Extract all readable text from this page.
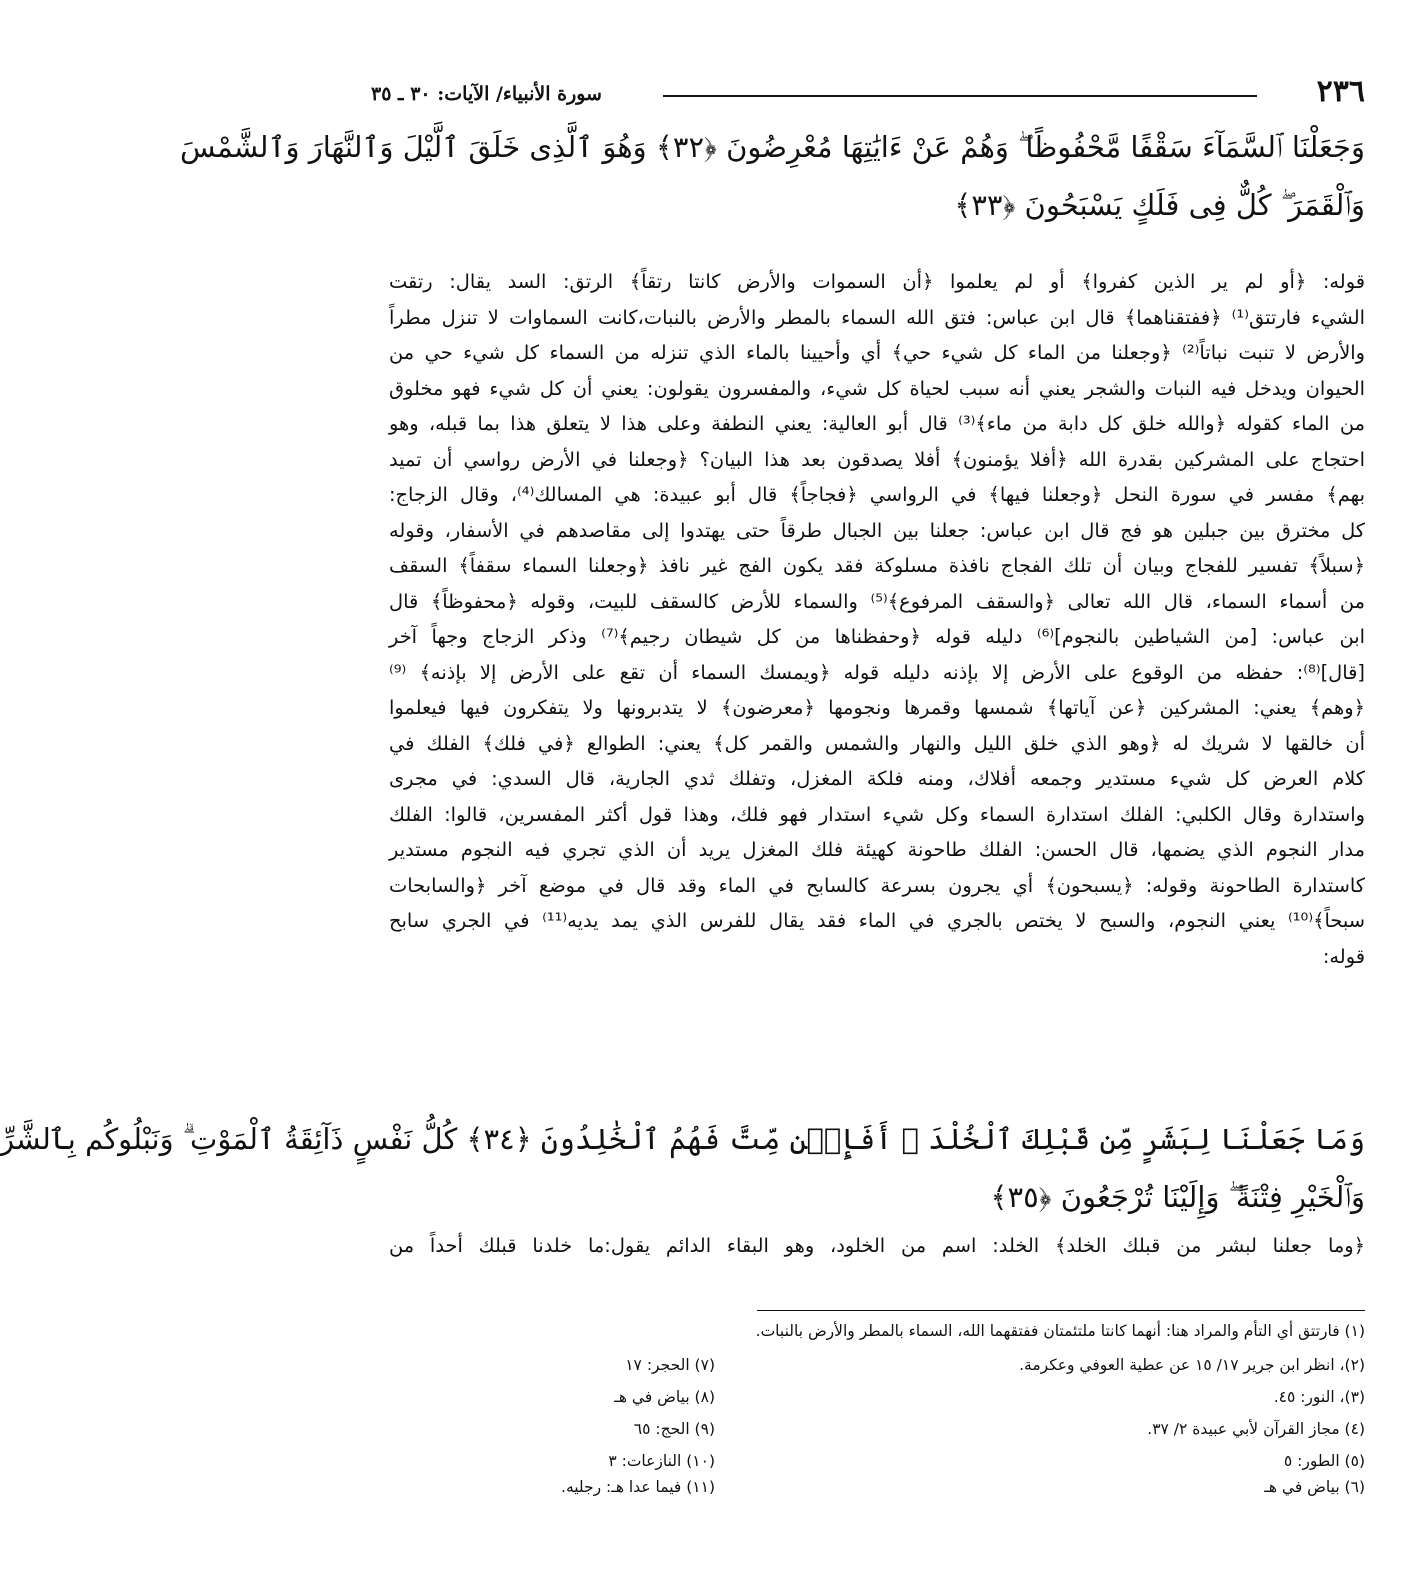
٢٣٦
سورة الأنبياء/ الآيات: ٣٠ ـ ٣٥
وَجَعَلْنَا ٱلسَّمَآءَ سَقْفًا مَّحْفُوظًا ۖ وَهُمْ عَنْ ءَايَٰتِهَا مُعْرِضُونَ ﴿٣٢﴾ وَهُوَ ٱلَّذِى خَلَقَ ٱلَّيْلَ وَٱلنَّهَارَ وَٱلشَّمْسَ
وَٱلْقَمَرَ ۖ كُلٌّ فِى فَلَكٍ يَسْبَحُونَ ﴿٣٣﴾
قوله: ﴿أو لم ير الذين كفروا﴾ أو لم يعلموا ﴿أن السموات والأرض كانتا رتقاً﴾ الرتق: السد يقال: رتقت
الشيء فارتتق⁽¹⁾ ﴿ففتقناهما﴾ قال ابن عباس: فتق الله السماء بالمطر والأرض بالنبات،كانت السماوات لا تنزل مطراً
والأرض لا تنبت نباتاً⁽²⁾ ﴿وجعلنا من الماء كل شيء حي﴾ أي وأحيينا بالماء الذي تنزله من السماء كل شيء حي من
الحيوان ويدخل فيه النبات والشجر يعني أنه سبب لحياة كل شيء، والمفسرون يقولون: يعني أن كل شيء فهو مخلوق
من الماء كقوله ﴿والله خلق كل دابة من ماء﴾⁽³⁾ قال أبو العالية: يعني النطفة وعلى هذا لا يتعلق هذا بما قبله، وهو
احتجاج على المشركين بقدرة الله ﴿أفلا يؤمنون﴾ أفلا يصدقون بعد هذا البيان؟ ﴿وجعلنا في الأرض رواسي أن تميد
بهم﴾ مفسر في سورة النحل ﴿وجعلنا فيها﴾ في الرواسي ﴿فجاجاً﴾ قال أبو عبيدة: هي المسالك⁽⁴⁾، وقال الزجاج:
كل مخترق بين جبلين هو فج قال ابن عباس: جعلنا بين الجبال طرقاً حتى يهتدوا إلى مقاصدهم في الأسفار، وقوله
﴿سبلاً﴾ تفسير للفجاج وبيان أن تلك الفجاج نافذة مسلوكة فقد يكون الفج غير نافذ ﴿وجعلنا السماء سقفاً﴾ السقف
من أسماء السماء، قال الله تعالى ﴿والسقف المرفوع﴾⁽⁵⁾ والسماء للأرض كالسقف للبيت، وقوله ﴿محفوظاً﴾ قال
ابن عباس: [من الشياطين بالنجوم]⁽⁶⁾ دليله قوله ﴿وحفظناها من كل شيطان رجيم﴾⁽⁷⁾ وذكر الزجاج وجهاً آخر
[قال]⁽⁸⁾: حفظه من الوقوع على الأرض إلا بإذنه دليله قوله ﴿ويمسك السماء أن تقع على الأرض إلا بإذنه﴾ ⁽⁹⁾
﴿وهم﴾ يعني: المشركين ﴿عن آياتها﴾ شمسها وقمرها ونجومها ﴿معرضون﴾ لا يتدبرونها ولا يتفكرون فيها فيعلموا
أن خالقها لا شريك له ﴿وهو الذي خلق الليل والنهار والشمس والقمر كل﴾ يعني: الطوالع ﴿في فلك﴾ الفلك في
كلام العرض كل شيء مستدير وجمعه أفلاك، ومنه فلكة المغزل، وتفلك ثدي الجارية، قال السدي: في مجرى
واستدارة وقال الكلبي: الفلك استدارة السماء وكل شيء استدار فهو فلك، وهذا قول أكثر المفسرين، قالوا: الفلك
مدار النجوم الذي يضمها، قال الحسن: الفلك طاحونة كهيئة فلك المغزل يريد أن الذي تجري فيه النجوم مستدير
كاستدارة الطاحونة وقوله: ﴿يسبحون﴾ أي يجرون بسرعة كالسابح في الماء وقد قال في موضع آخر ﴿والسابحات
سبحاً﴾⁽¹⁰⁾ يعني النجوم، والسبح لا يختص بالجري في الماء فقد يقال للفرس الذي يمد يديه⁽¹¹⁾ في الجري سابح
قوله:
وَمَا جَعَلْنَا لِبَشَرٍ مِّن قَبْلِكَ ٱلْخُلْدَ ۖ أَفَإِي۟ن مِّتَّ فَهُمُ ٱلْخَٰلِدُونَ ﴿٣٤﴾ كُلُّ نَفْسٍ ذَآئِقَةُ ٱلْمَوْتِ ۗ وَنَبْلُوكُم بِٱلشَّرِّ
وَٱلْخَيْرِ فِتْنَةً ۖ وَإِلَيْنَا تُرْجَعُونَ ﴿٣٥﴾
﴿وما جعلنا لبشر من قبلك الخلد﴾ الخلد: اسم من الخلود، وهو البقاء الدائم يقول:ما خلدنا قبلك أحداً من
(١) فارتتق أي التأم والمراد هنا: أنهما كانتا ملتئمتان ففتقهما الله، السماء بالمطر والأرض بالنبات.
(٢)، انظر ابن جرير ١٧/ ١٥ عن عطية العوفي وعكرمة.
(٣)، النور: ٤٥.
(٤) مجاز القرآن لأبي عبيدة ٢/ ٣٧.
(٥) الطور: ٥
(٦) بياض في هـ
(٧) الحجر: ١٧
(٨) بياض في هـ
(٩) الحج: ٦٥
(١٠) النازعات: ٣
(١١) فيما عدا هـ: رجليه.
